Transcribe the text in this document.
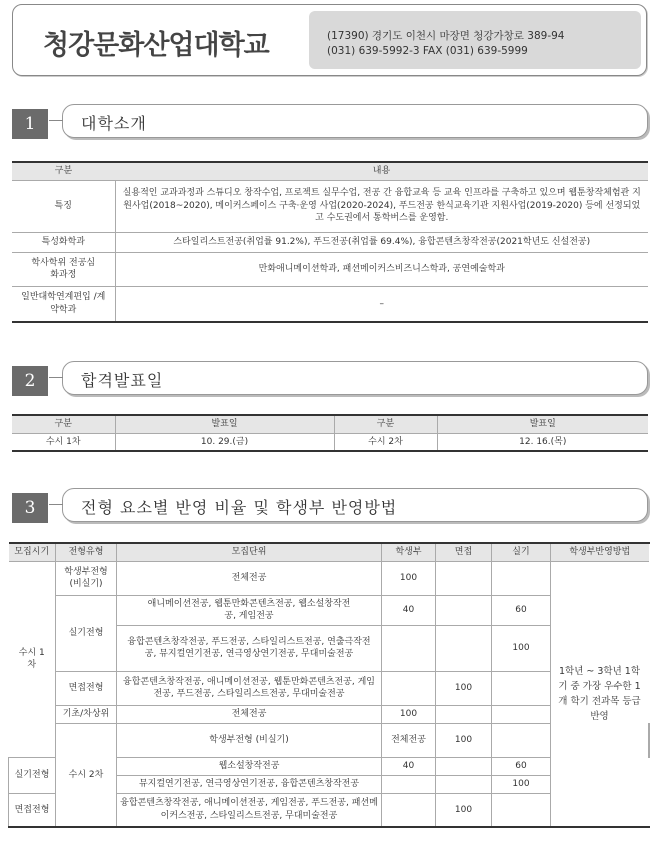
청강문화산업대학교	(17390) 경기도 이천시 마장면 청강가창로 389-94
(031) 639-5992-3 FAX (031) 639-5999
1	대학소개
구분	내용
특징	실용적인 교과과정과 스튜디오 창작수업, 프로젝트 실무수업, 전공 간 융합교육 등 교육 인프라를 구축하고 있으며 웹툰창작체험관 지원사업(2018~2020), 메이커스페이스 구축·운영 사업(2020-2024), 푸드전공 한식교육기관 지원사업(2019-2020) 등에 선정되었고 수도권에서 통학버스를 운영함.
특성화학과	스타일리스트전공(취업률 91.2%), 푸드전공(취업률 69.4%), 융합콘텐츠창작전공(2021학년도 신설전공)
학사학위 전공심화과정	만화애니메이션학과, 패션메이커스비즈니스학과, 공연예술학과
일반대학연계편입 /계약학과	–
2	합격발표일
구분	발표일	구분	발표일
수시 1차	10. 29.(금)	수시 2차	12. 16.(목)
3	전형 요소별 반영 비율 및 학생부 반영방법
모집시기	전형유형	모집단위	학생부	면접	실기	학생부반영방법	
수시 1차	학생부전형 (비실기)	전체전공	100			1학년 ~ 3학년 1학기 중 가장 우수한 1개 학기 전과목 등급 반영	
	실기전형	애니메이션전공, 웹툰만화콘텐츠전공, 웹소설창작전공, 게임전공	40		60		
		융합콘텐츠창작전공, 푸드전공, 스타일리스트전공, 연출극작전공, 뮤지컬연기전공, 연극영상연기전공, 무대미술전공			100		
	면접전형	융합콘텐츠창작전공, 애니메이션전공, 웹툰만화콘텐츠전공, 게임전공, 푸드전공, 스타일리스트전공, 무대미술전공		100			
	기초/차상위	전체전공	100				
	수시 2차	학생부전형 (비실기)	전체전공	100			
실기전형		웹소설창작전공	40		60		
		뮤지컬연기전공, 연극영상연기전공, 융합콘텐츠창작전공			100		
면접전형		융합콘텐츠창작전공, 애니메이션전공, 게임전공, 푸드전공, 패션메이커스전공, 스타일리스트전공, 무대미술전공		100			
